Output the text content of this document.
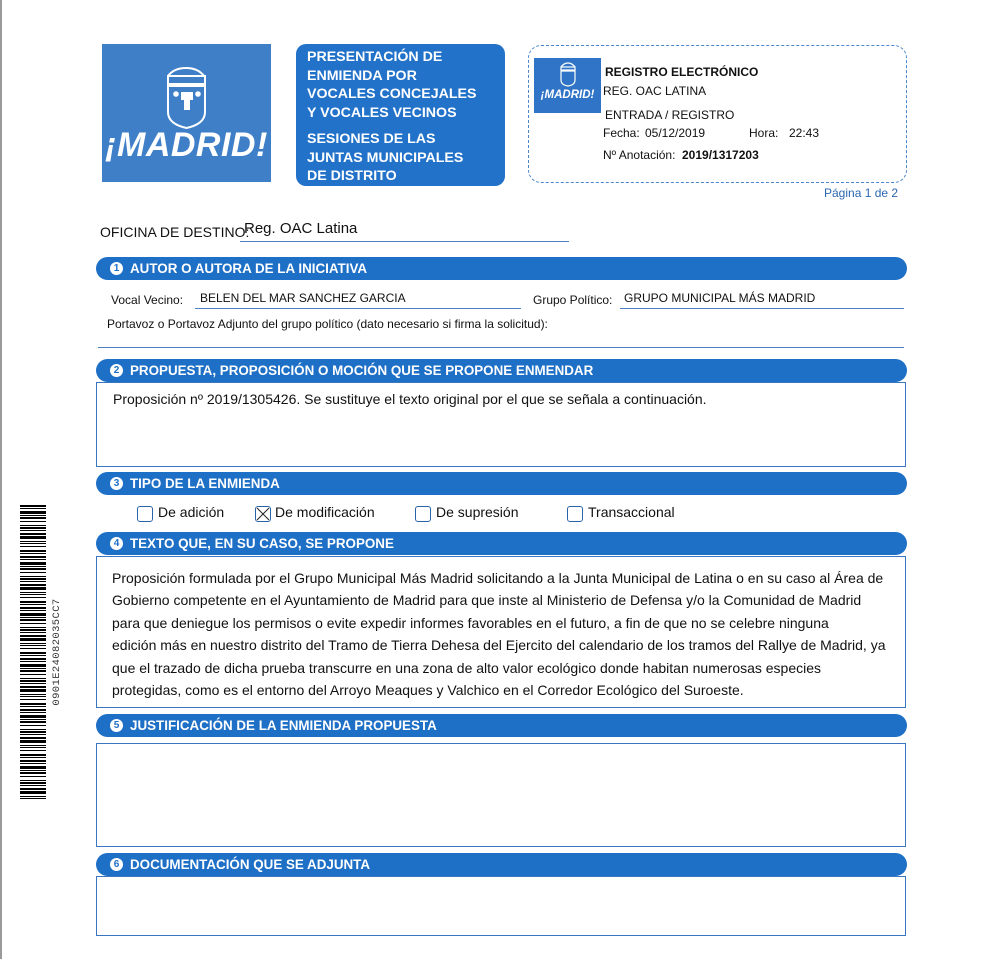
¡MADRID!
PRESENTACIÓN DE
ENMIENDA POR
VOCALES CONCEJALES
Y VOCALES VECINOS
SESIONES DE LAS
JUNTAS MUNICIPALES
DE DISTRITO
¡MADRID!
REGISTRO ELECTRÓNICO
REG. OAC LATINA
ENTRADA / REGISTRO
Fecha: 05/12/2019	Hora: 22:43
Nº Anotación: 2019/1317203
Página 1 de 2
OFICINA DE DESTINO:
Reg. OAC Latina
1 AUTOR O AUTORA DE LA INICIATIVA
Vocal Vecino: BELEN DEL MAR SANCHEZ GARCIA	Grupo Político: GRUPO MUNICIPAL MÁS MADRID
Portavoz o Portavoz Adjunto del grupo político (dato necesario si firma la solicitud):
2 PROPUESTA, PROPOSICIÓN O MOCIÓN QUE SE PROPONE ENMENDAR
Proposición nº 2019/1305426. Se sustituye el texto original por el que se señala a continuación.
3 TIPO DE LA ENMIENDA
De adición	De modificación	De supresión	Transaccional
4 TEXTO QUE, EN SU CASO, SE PROPONE
Proposición formulada por el Grupo Municipal Más Madrid solicitando a la Junta Municipal de Latina o en su caso al Área de
Gobierno competente en el Ayuntamiento de Madrid para que inste al Ministerio de Defensa y/o la Comunidad de Madrid
para que deniegue los permisos o evite expedir informes favorables en el futuro, a fin de que no se celebre ninguna
edición más en nuestro distrito del Tramo de Tierra Dehesa del Ejercito del calendario de los tramos del Rallye de Madrid, ya
que el trazado de dicha prueba transcurre en una zona de alto valor ecológico donde habitan numerosas especies
protegidas, como es el entorno del Arroyo Meaques y Valchico en el Corredor Ecológico del Suroeste.
5 JUSTIFICACIÓN DE LA ENMIENDA PROPUESTA
6 DOCUMENTACIÓN QUE SE ADJUNTA
0901E24082035CC7
